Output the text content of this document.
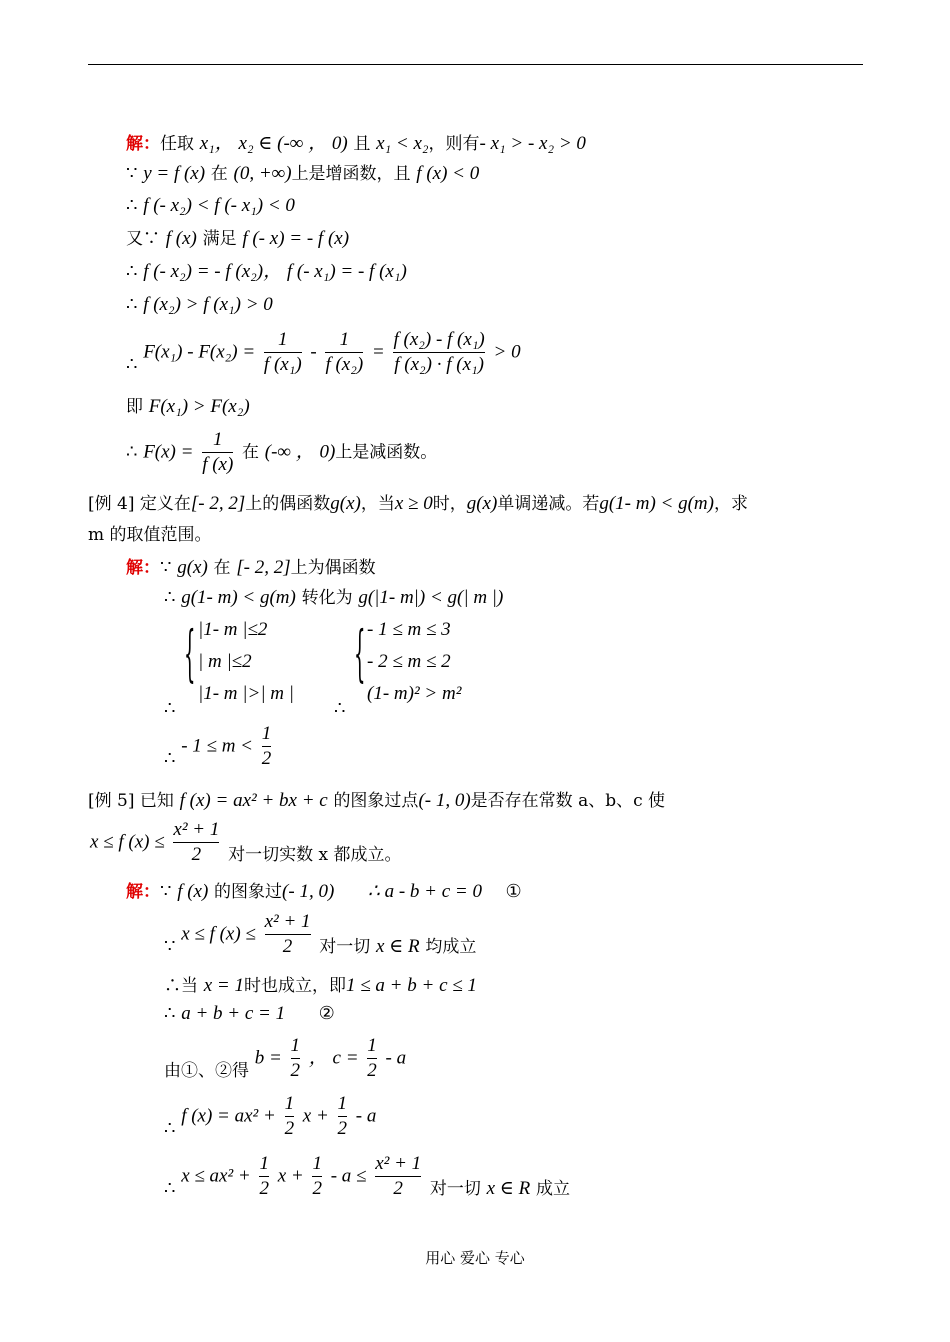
解：任取 x₁， x₂ ∈ (-∞ ， 0) 且 x₁ < x₂，则有- x₁ > - x₂ > 0
∵ y = f (x) 在 (0, +∞)上是增函数，且 f (x) < 0
∴ f (- x₂) < f (- x₁) < 0
又∵ f (x) 满足 f (- x) = - f (x)
∴ f (- x₂) = - f (x₂)， f (- x₁) = - f (x₁)
∴ f (x₂) > f (x₁) > 0
∴ $F(x_1) - F(x_2) = \frac{1}{\text{f (x₁)}} - \frac{1}{\text{f (x₂)}} = \frac{\text{f (x₂) - f (x₁)}}{\text{f (x₂) · f (x₁)}} > 0$
即 F(x₁) > F(x₂)
∴ $F(x) = \frac{1}{f (x)}$ 在 (-∞ ， 0)上是减函数。
[例 4] 定义在[- 2, 2]上的偶函数g(x)，当x ≥ 0时，g(x)单调递减。若g(1- m) < g(m)，求
m 的取值范围。
解：∵ g(x) 在 [- 2, 2]上为偶函数
∴ g(1- m) < g(m) 转化为 g(|1- m|) < g(| m |)
{ |1- m |≤2
| m |≤2
|1- m |>| m |
∴
{ - 1 ≤ m ≤ 3
- 2 ≤ m ≤ 2
(1- m)² > m²
∴
∴ - $1 \le m < \frac{1}{2}$
[例 5] 已知 f (x) = ax² + bx + c 的图象过点(- 1, 0)是否存在常数 a、b、c 使
x ≤ f $(x) \le \frac{\text{x² + 1}}{2}$ 对一切实数 x 都成立。
解：∵ f (x) 的图象过(- 1, 0) ∴ a - b + c = 0 ①
∵ x ≤ f $(x) \le \frac{\text{x² + 1}}{2}$ 对一切 x ∈ R 均成立
∴当 x = 1时也成立，即1 ≤ a + b + c ≤ 1
∴ a + b + c = 1 ②
由①、②得 $b = \frac{1}{2}$ ， $c = \frac{1}{2} - a$
∴ f $(x) = ax^2 + \frac{1}{2}$ $x + \frac{1}{2} - a$
∴ $x \le ax^2 + \frac{1}{2}$ $x + \frac{1}{2} - a \le \frac{\text{x² + 1}}{2}$ 对一切 x ∈ R 成立
用心 爱心 专心
